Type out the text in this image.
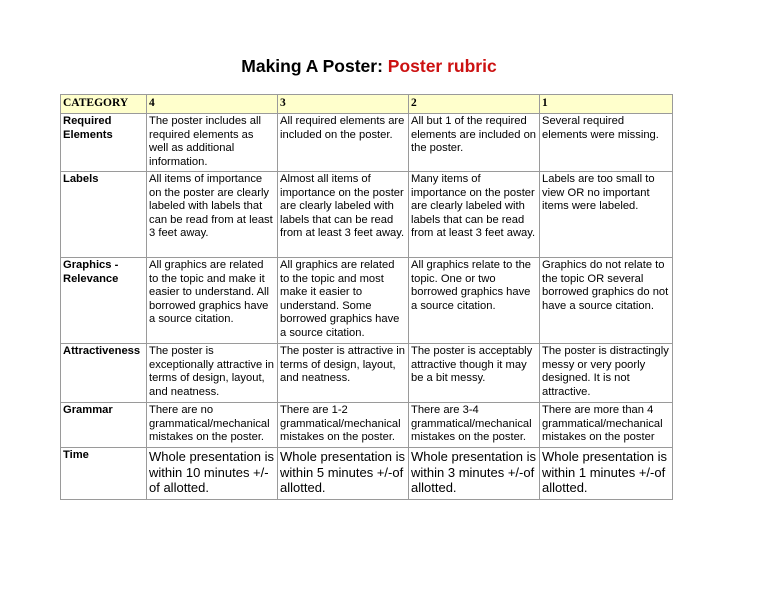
Making A Poster: Poster rubric
CATEGORY	4	3	2	1
Required Elements	The poster includes all required elements as well as additional information.	All required elements are included on the poster.	All but 1 of the required elements are included on the poster.	Several required elements were missing.
Labels	All items of importance on the poster are clearly labeled with labels that can be read from at least 3 feet away.	Almost all items of importance on the poster are clearly labeled with labels that can be read from at least 3 feet away.	Many items of importance on the poster are clearly labeled with labels that can be read from at least 3 feet away.	Labels are too small to view OR no important items were labeled.
Graphics - Relevance	All graphics are related to the topic and make it easier to understand. All borrowed graphics have a source citation.	All graphics are related to the topic and most make it easier to understand. Some borrowed graphics have a source citation.	All graphics relate to the topic. One or two borrowed graphics have a source citation.	Graphics do not relate to the topic OR several borrowed graphics do not have a source citation.
Attractiveness	The poster is exceptionally attractive in terms of design, layout, and neatness.	The poster is attractive in terms of design, layout, and neatness.	The poster is acceptably attractive though it may be a bit messy.	The poster is distractingly messy or very poorly designed. It is not attractive.
Grammar	There are no grammatical/mechanical mistakes on the poster.	There are 1-2 grammatical/mechanical mistakes on the poster.	There are 3-4 grammatical/mechanical mistakes on the poster.	There are more than 4 grammatical/mechanical mistakes on the poster
Time	Whole presentation is within 10 minutes +/-of allotted.	Whole presentation is within 5 minutes +/-of allotted.	Whole presentation is within 3 minutes +/-of allotted.	Whole presentation is within 1 minutes +/-of allotted.
